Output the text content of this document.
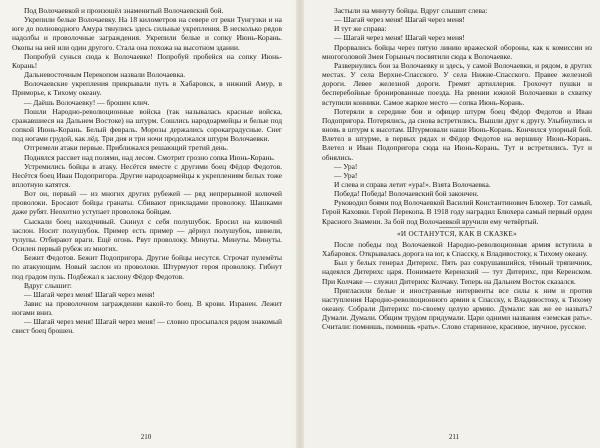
Под Волочаевкой и произошёл знаменитый Волочаевский бой.

Укрепили белые Волочаевку. На 18 километров на севере от реки Тунгузки и на юге до полноводного Амура тянулись здесь сильные укрепления. В несколько рядов надолбы и проволочные заграждения. Укрепили белые и сопку Июнь-Корань. Окопы на ней или один другого. Стала она похожа на высотном здании.

Попробуй сунься сюда к Волочаевке! Попробуй пробейся на сопку Июнь-Корань!

Дальневосточным Перекопом назвали Волочаевка.

Волочаевские укрепления прикрывали путь в Хабаровск, в нижний Амур, в Приморье, к Тихому океану.

— Даёшь Волочаевку! — брошен клич.

Пошли Народно-революционные войска (так называлась красные войска, сражавшиеся на Дальнем Востоке) на штурм. Сошлись народоармейцы и белые под сопкой Июнь-Корань. Белый февраль. Морозы держались сорокаградусные. Снег под ногами грудой, как лёд. Три дня и три ночи продолжался штурм Волочаевки.

Отгремели атаки первые. Приближался решающий третий день.

Поднялся рассвет над полями, над лесом. Смотрит грозно сопка Июнь-Корань.

Устремились бойцы в атаку. Несётся вместе с другими боец Фёдор Федотов. Несётся боец Иван Подопригора. Другие народоармейцы к укреплениям белых тоже вплотную катятся.

Вот он, первый — из многих других рубежей — ряд непрерывной колючей проволоки. Бросают бойцы гранаты. Сбивают прикладами проволоку. Шашками даже рубят. Неохотно уступает проволока бойцам.

Сыскали боец находчивый. Скинул с себя полушубок. Бросил на колючий заслон. Носит полушубок. Пример есть пример — дёрнул полушубок, шинели, тулупы. Отбирают враги. Ещё огонь. Рвут проволоку. Минуты. Минуты. Минуты. Осилен первый рубеж из многих.

Бежит Федотов. Бежит Подопригора. Другие бойцы несутся. Строчат пулемёты по атакующим. Новый заслон из проволоки. Штурмуют героя проволоку. Гибнут под градом пуль. Подбежал к заслону Фёдор Федотов.

Вдруг слышит:

— Шагай через меня! Шагай через меня!

Завис на проволочном заграждении какой-то боец. В крови. Изранен. Лежит ногами вниз.

— Шагай через меня! Шагай через меня! — словно просыпался рядом знакомый свист боец брошен.

210

Застыли на минуту бойцы. Вдруг слышит слева:

— Шагай через меня! Шагай через меня!

И тут же справа:

— Шагай через меня! Шагай через меня!

Прорвались бойцы через пятую линию вражеской обороны, как к комиссии из многоголовой Змеи Горыныч посвятили сюда к Волочаевке.

Развернулись бои за Волочаевку и здесь, у самой Волочаевки, и рядом, в других местах. У села Верхне-Спасского. У села Нижне-Спасского. Правее железной дороги. Левее железной дороги. Гремят артиллерия. Грохочут пушки и бесперебойные бронированные поезда. На рвении южной Волочаевки в схватку вступили конники. Самое жаркое место — сопка Июнь-Корань.

Потеряли в середине бои и офицер штурм боец Фёдор Федотов и Иван Подопригора. Потерялись, да снова встретились. Вышли друг к другу. Улыбнулись и вновь в штурм к высотам. Штурмовали наши Июнь-Корань. Кончился упорный бой. Влетел в штурме, в первых рядах и Фёдор Федотов на вершину Июнь-Корань. Влетел и Иван Подопригора сюда на Июнь-Корань. Тут и встретились. Тут и обнялись.

— Ура!

— Ура!

И слева и справа летит «ура!». Взята Волочаевка.

Победа! Победа! Волочаевский бой закончен.

Руководил боями под Волочаевкой Василий Константинович Блюхер. Тот самый, Герой Каховки. Герой Перекопа. В 1918 году наградил Блюхера самый первый орден Красного Знамени. За бой под Волочаевкой вручили ему четвёртый.

«И ОСТАНУТСЯ, КАК В СКАЗКЕ»

После победы под Волочаевкой Народно-революционная армия вступила в Хабаровск. Открывалась дорога на юг, к Спасску, к Владивостоку, к Тихому океану.

Был у белых генерал Дитерихс. Пять раз сокрушавшийся, тёмный тряпичник, надеялся Дитерихс царя. Понимаете Керенский — тут Дитерихс, при Керенском. При Колчаке — служил Дитерихс Колчаку. Теперь на Дальнем Восток сказался.

Пригласили белые и иностранные интервенты все силы к ним и против наступления Народно-революционного армии к Спасску, к Владивостоку, к Тихому океану. Собрали Дитерихс по-своему целую армию. Думали: как же ее назвать? Думали. Думали. Общим трудом придумали. Цари одними названия «земская рать». Считали: помнишь, помнишь «рать». Слово старинное, красивое, звучное, русское.

211
